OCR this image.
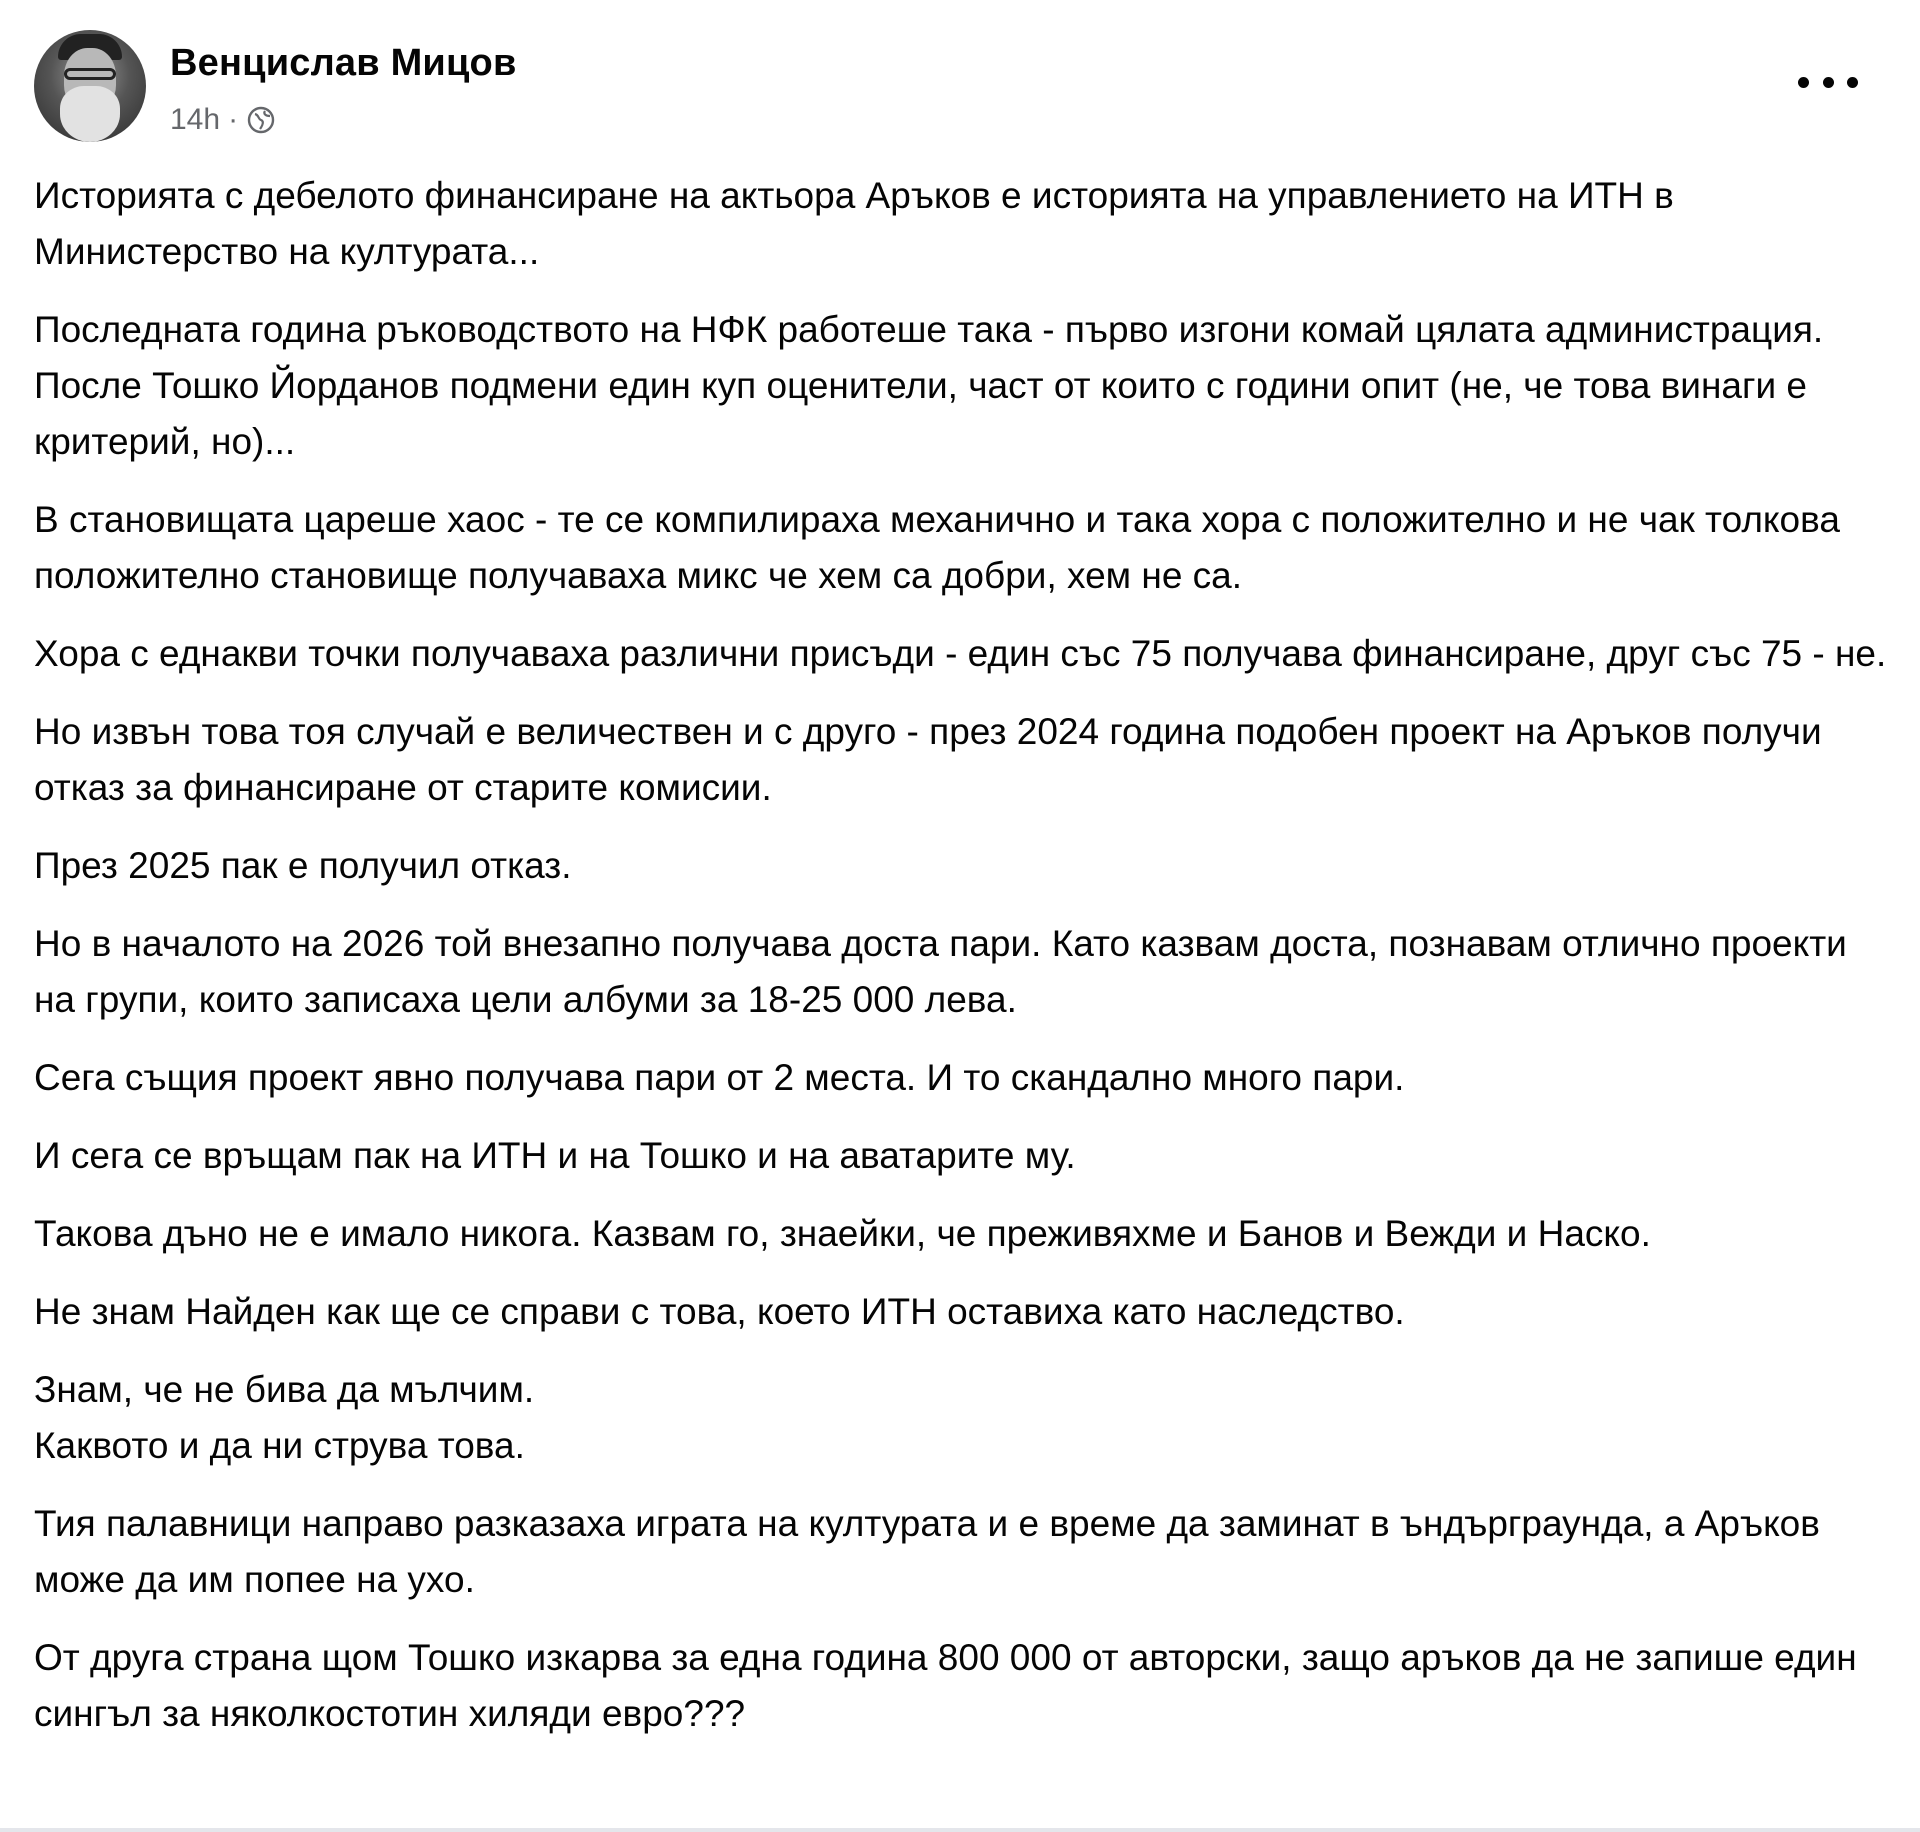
Венцислав Мицов
14h ·

Историята с дебелото финансиране на актьора Аръков е историята на управлението на ИТН в Министерство на културата...

Последната година ръководството на НФК работеше така - първо изгони комай цялата администрация. После Тошко Йорданов подмени един куп оценители, част от които с години опит (не, че това винаги е критерий, но)...

В становищата цареше хаос - те се компилираха механично и така хора с положително и не чак толкова положително становище получаваха микс че хем са добри, хем не са.

Хора с еднакви точки получаваха различни присъди - един със 75 получава финансиране, друг със 75 - не.

Но извън това тоя случай е величествен и с друго - през 2024 година подобен проект на Аръков получи отказ за финансиране от старите комисии.

През 2025 пак е получил отказ.

Но в началото на 2026 той внезапно получава доста пари. Като казвам доста, познавам отлично проекти на групи, които записаха цели албуми за 18-25 000 лева.

Сега същия проект явно получава пари от 2 места. И то скандално много пари.

И сега се връщам пак на ИТН и на Тошко и на аватарите му.

Такова дъно не е имало никога. Казвам го, знаейки, че преживяхме и Банов и Вежди и Наско.

Не знам Найден как ще се справи с това, което ИТН оставиха като наследство.

Знам, че не бива да мълчим.
Каквото и да ни струва това.

Тия палавници направо разказаха играта на културата и е време да заминат в ъндърграунда, а Аръков може да им попее на ухо.

От друга страна щом Тошко изкарва за една година 800 000 от авторски, защо аръков да не запише един сингъл за няколкостотин хиляди евро???
